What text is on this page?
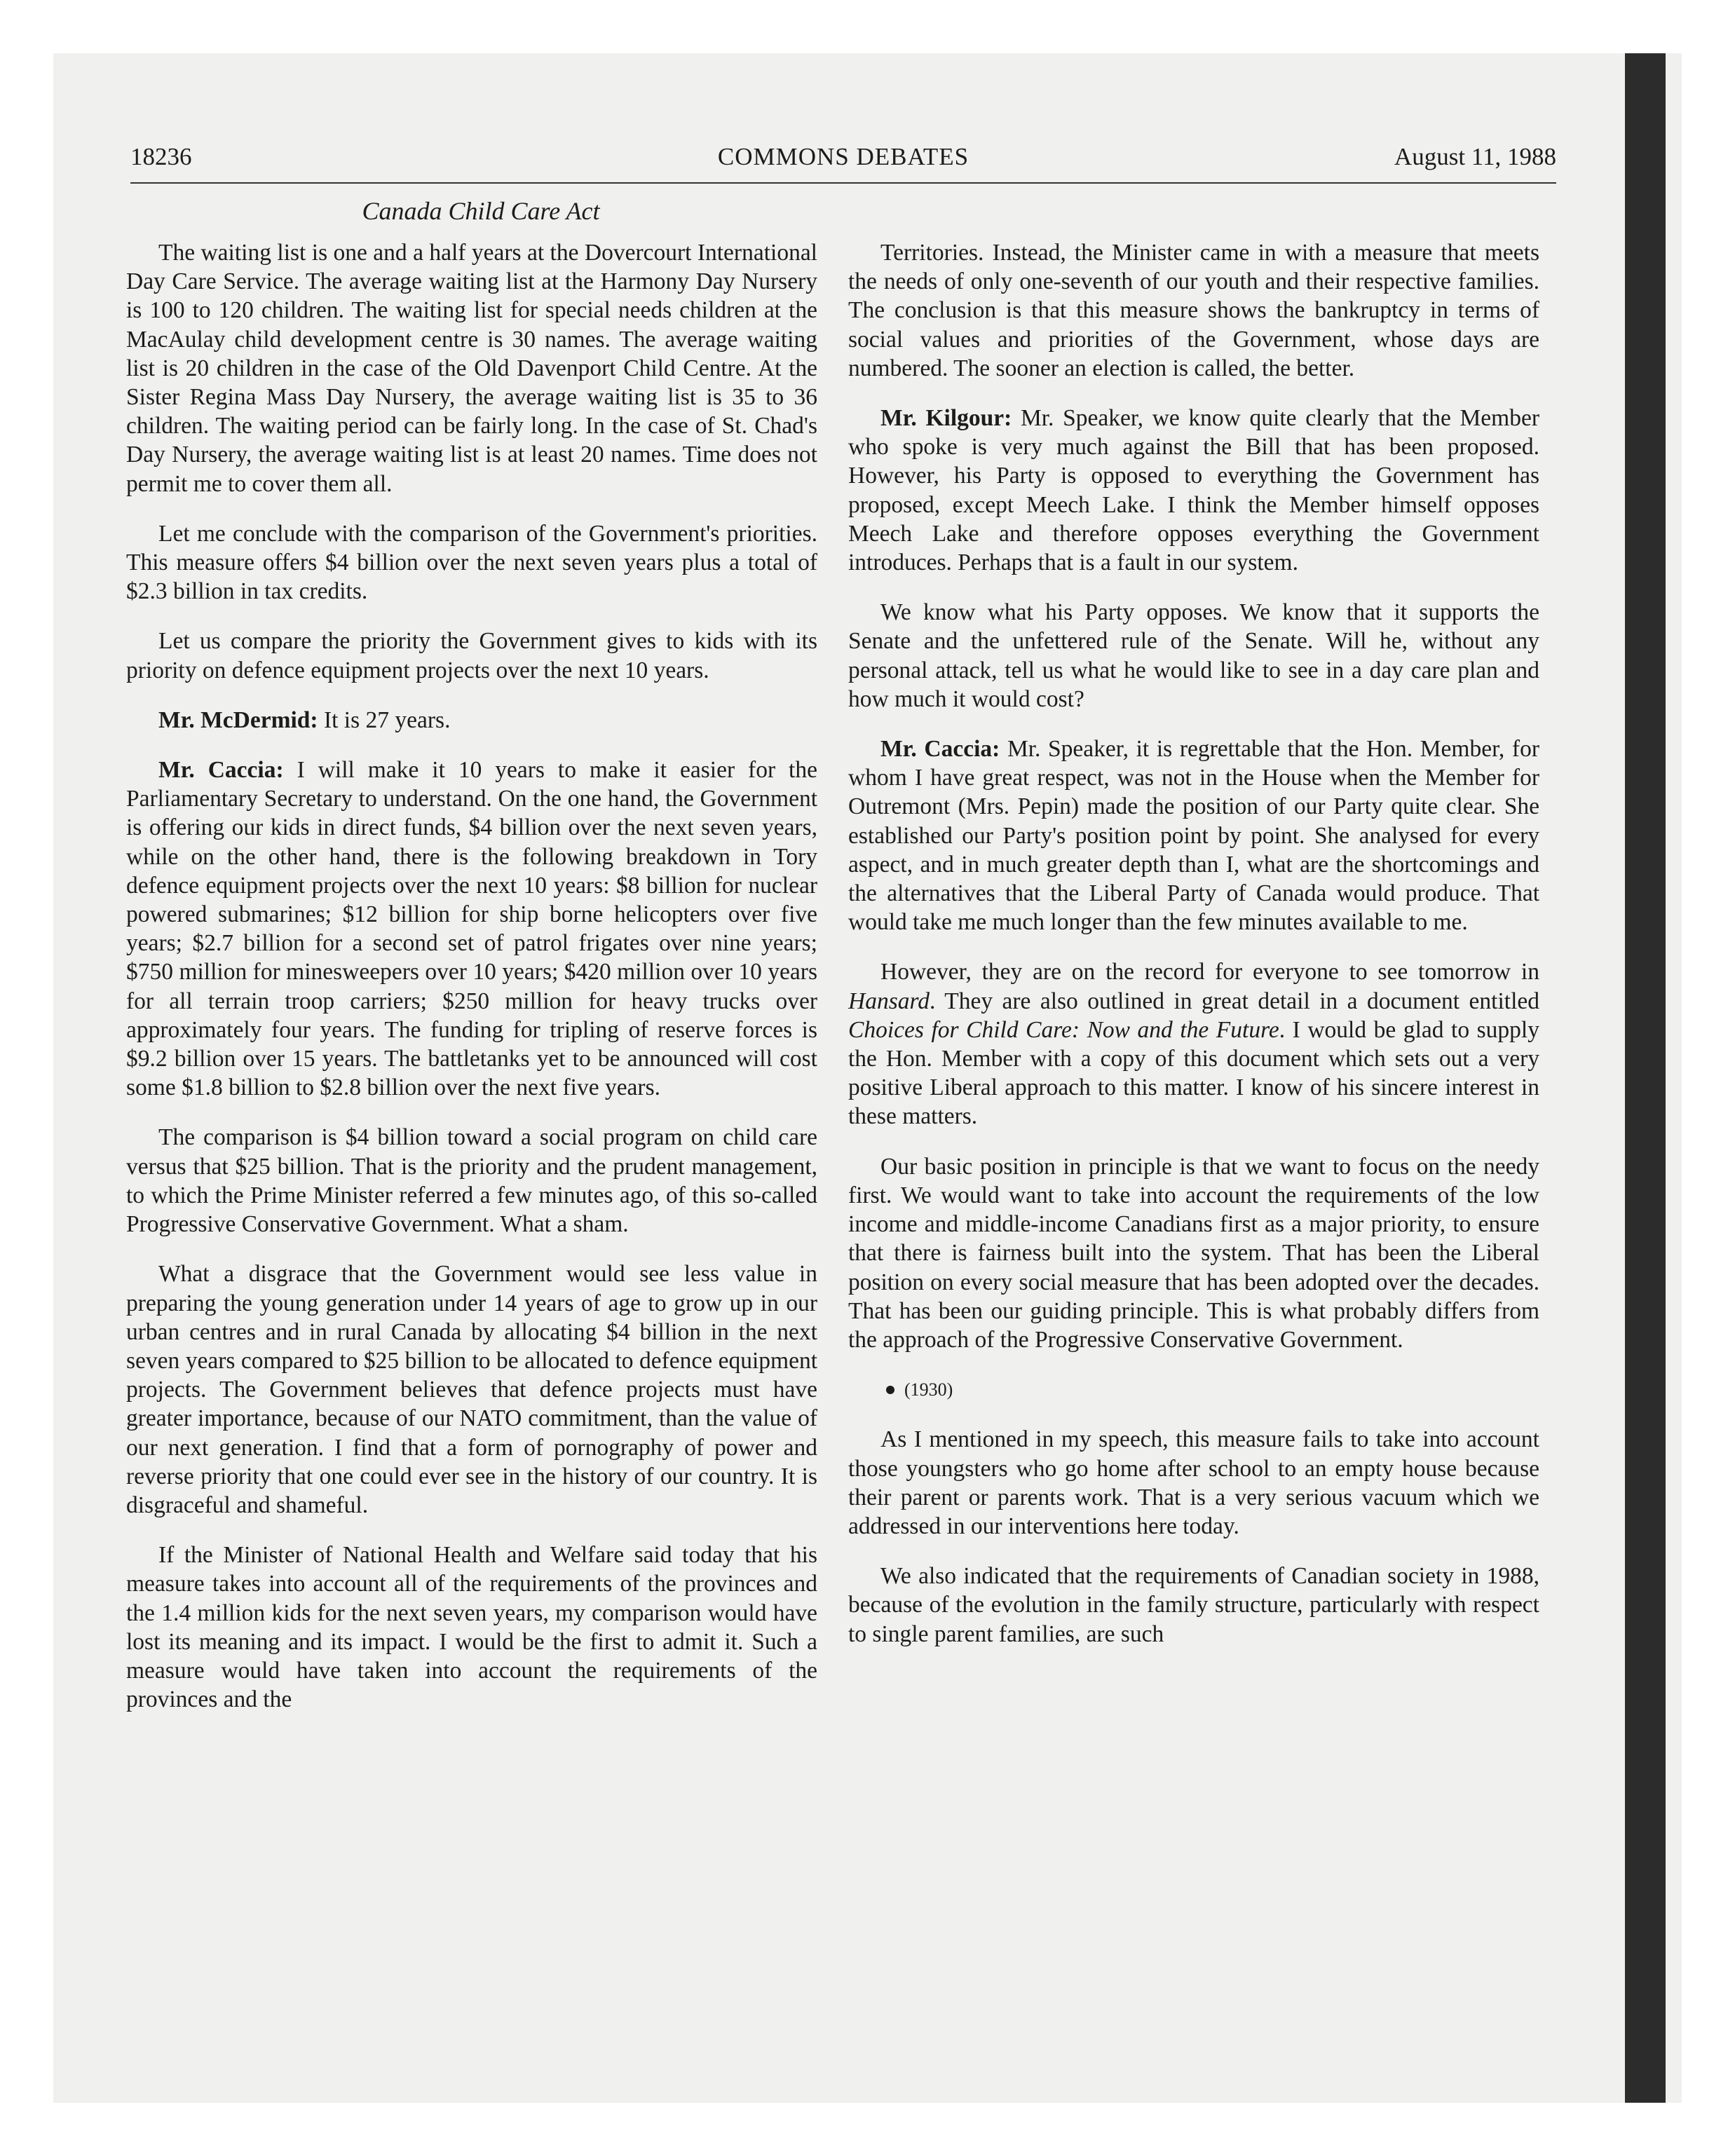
18236	COMMONS DEBATES	August 11, 1988
Canada Child Care Act

The waiting list is one and a half years at the Dovercourt International Day Care Service. The average waiting list at the Harmony Day Nursery is 100 to 120 children. The waiting list for special needs children at the MacAulay child development centre is 30 names. The average waiting list is 20 children in the case of the Old Davenport Child Centre. At the Sister Regina Mass Day Nursery, the average waiting list is 35 to 36 children. The waiting period can be fairly long. In the case of St. Chad's Day Nursery, the average waiting list is at least 20 names. Time does not permit me to cover them all.

Let me conclude with the comparison of the Government's priorities. This measure offers $4 billion over the next seven years plus a total of $2.3 billion in tax credits.

Let us compare the priority the Government gives to kids with its priority on defence equipment projects over the next 10 years.

Mr. McDermid: It is 27 years.

Mr. Caccia: I will make it 10 years to make it easier for the Parliamentary Secretary to understand. On the one hand, the Government is offering our kids in direct funds, $4 billion over the next seven years, while on the other hand, there is the following breakdown in Tory defence equipment projects over the next 10 years: $8 billion for nuclear powered submarines; $12 billion for ship borne helicopters over five years; $2.7 billion for a second set of patrol frigates over nine years; $750 million for minesweepers over 10 years; $420 million over 10 years for all terrain troop carriers; $250 million for heavy trucks over approximately four years. The funding for tripling of reserve forces is $9.2 billion over 15 years. The battletanks yet to be announced will cost some $1.8 billion to $2.8 billion over the next five years.

The comparison is $4 billion toward a social program on child care versus that $25 billion. That is the priority and the prudent management, to which the Prime Minister referred a few minutes ago, of this so-called Progressive Conservative Government. What a sham.

What a disgrace that the Government would see less value in preparing the young generation under 14 years of age to grow up in our urban centres and in rural Canada by allocating $4 billion in the next seven years compared to $25 billion to be allocated to defence equipment projects. The Government believes that defence projects must have greater importance, because of our NATO commitment, than the value of our next generation. I find that a form of pornography of power and reverse priority that one could ever see in the history of our country. It is disgraceful and shameful.

If the Minister of National Health and Welfare said today that his measure takes into account all of the requirements of the provinces and the 1.4 million kids for the next seven years, my comparison would have lost its meaning and its impact. I would be the first to admit it. Such a measure would have taken into account the requirements of the provinces and the

Territories. Instead, the Minister came in with a measure that meets the needs of only one-seventh of our youth and their respective families. The conclusion is that this measure shows the bankruptcy in terms of social values and priorities of the Government, whose days are numbered. The sooner an election is called, the better.

Mr. Kilgour: Mr. Speaker, we know quite clearly that the Member who spoke is very much against the Bill that has been proposed. However, his Party is opposed to everything the Government has proposed, except Meech Lake. I think the Member himself opposes Meech Lake and therefore opposes everything the Government introduces. Perhaps that is a fault in our system.

We know what his Party opposes. We know that it supports the Senate and the unfettered rule of the Senate. Will he, without any personal attack, tell us what he would like to see in a day care plan and how much it would cost?

Mr. Caccia: Mr. Speaker, it is regrettable that the Hon. Member, for whom I have great respect, was not in the House when the Member for Outremont (Mrs. Pepin) made the position of our Party quite clear. She established our Party's position point by point. She analysed for every aspect, and in much greater depth than I, what are the shortcomings and the alternatives that the Liberal Party of Canada would produce. That would take me much longer than the few minutes available to me.

However, they are on the record for everyone to see tomorrow in Hansard. They are also outlined in great detail in a document entitled Choices for Child Care: Now and the Future. I would be glad to supply the Hon. Member with a copy of this document which sets out a very positive Liberal approach to this matter. I know of his sincere interest in these matters.

Our basic position in principle is that we want to focus on the needy first. We would want to take into account the requirements of the low income and middle-income Canadians first as a major priority, to ensure that there is fairness built into the system. That has been the Liberal position on every social measure that has been adopted over the decades. That has been our guiding principle. This is what probably differs from the approach of the Progressive Conservative Government.

(1930)

As I mentioned in my speech, this measure fails to take into account those youngsters who go home after school to an empty house because their parent or parents work. That is a very serious vacuum which we addressed in our interventions here today.

We also indicated that the requirements of Canadian society in 1988, because of the evolution in the family structure, particularly with respect to single parent families, are such
